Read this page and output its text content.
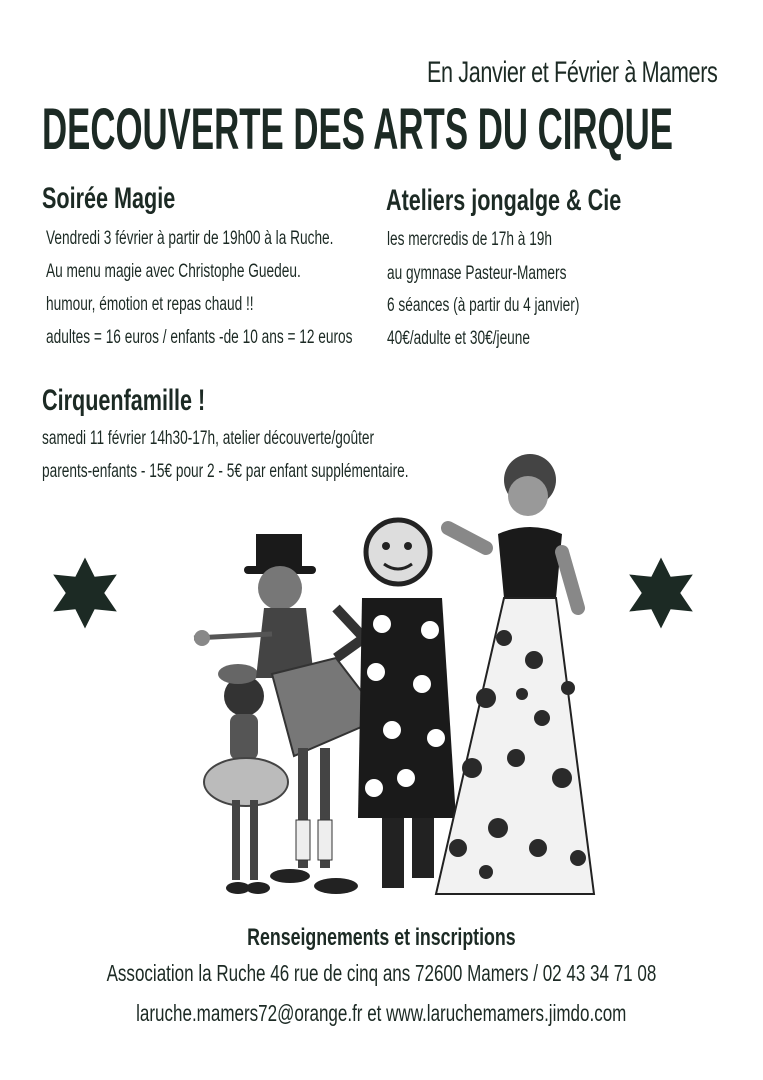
En Janvier et Février à Mamers
DECOUVERTE DES ARTS DU CIRQUE
Soirée Magie
Vendredi 3 février à partir de 19h00 à la Ruche.
Au menu magie avec Christophe Guedeu.
humour, émotion et repas chaud !!
adultes = 16 euros / enfants -de 10 ans = 12 euros
Ateliers jongalge & Cie
les mercredis de 17h à 19h
au gymnase Pasteur-Mamers
6 séances (à partir du 4 janvier)
40€/adulte et 30€/jeune
Cirquenfamille !
samedi 11 février 14h30-17h, atelier découverte/goûter
parents-enfants - 15€ pour 2 - 5€ par enfant supplémentaire.
Renseignements et inscriptions
Association la Ruche 46 rue de cinq ans 72600 Mamers / 02 43 34 71 08
laruche.mamers72@orange.fr et www.laruchemamers.jimdo.com
